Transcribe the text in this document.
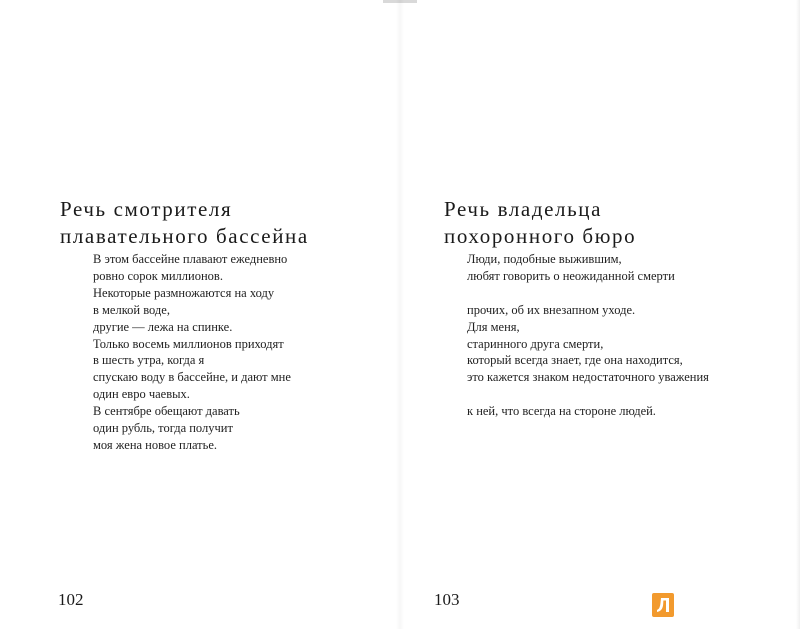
Речь смотрителя
плавательного бассейна
В этом бассейне плавают ежедневно
ровно сорок миллионов.
Некоторые размножаются на ходу
в мелкой воде,
другие — лежа на спинке.
Только восемь миллионов приходят
в шесть утра, когда я
спускаю воду в бассейне, и дают мне
один евро чаевых.
В сентябре обещают давать
один рубль, тогда получит
моя жена новое платье.
102
Речь владельца
похоронного бюро
Люди, подобные выжившим,
любят говорить о неожиданной смерти
прочих, об их внезапном уходе.
Для меня,
старинного друга смерти,
который всегда знает, где она находится,
это кажется знаком недостаточного уважения
к ней, что всегда на стороне людей.
103
